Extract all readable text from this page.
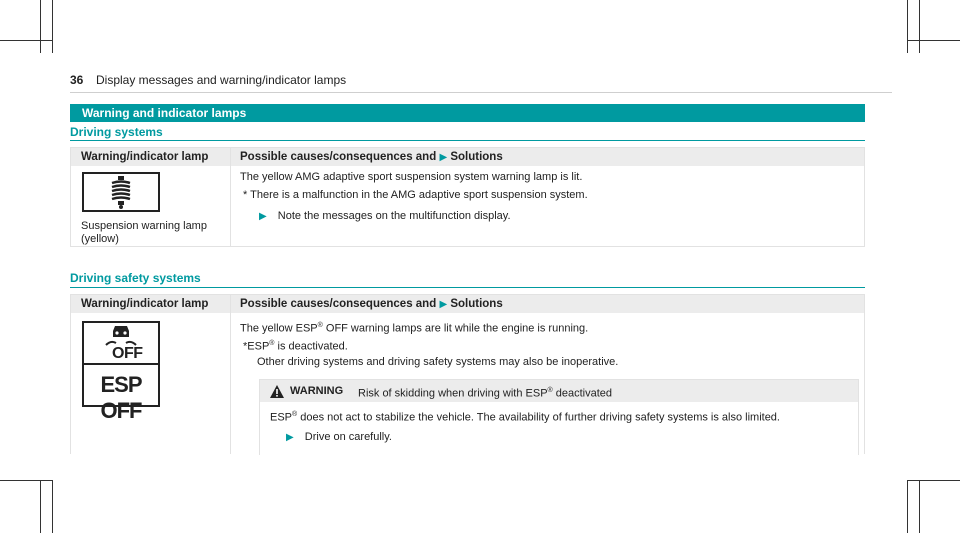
36 Display messages and warning/indicator lamps
Warning and indicator lamps
Driving systems
Warning/indicator lamp	Possible causes/consequences and ▶ Solutions
Suspension warning lamp
(yellow)
The yellow AMG adaptive sport suspension system warning lamp is lit.
* There is a malfunction in the AMG adaptive sport suspension system.
▶ Note the messages on the multifunction display.
Driving safety systems
Warning/indicator lamp	Possible causes/consequences and ▶ Solutions
OFF
ESP OFF
The yellow ESP® OFF warning lamps are lit while the engine is running.
*ESP® is deactivated.
Other driving systems and driving safety systems may also be inoperative.
WARNING Risk of skidding when driving with ESP® deactivated
ESP® does not act to stabilize the vehicle. The availability of further driving safety systems is also limited.
▶ Drive on carefully.
